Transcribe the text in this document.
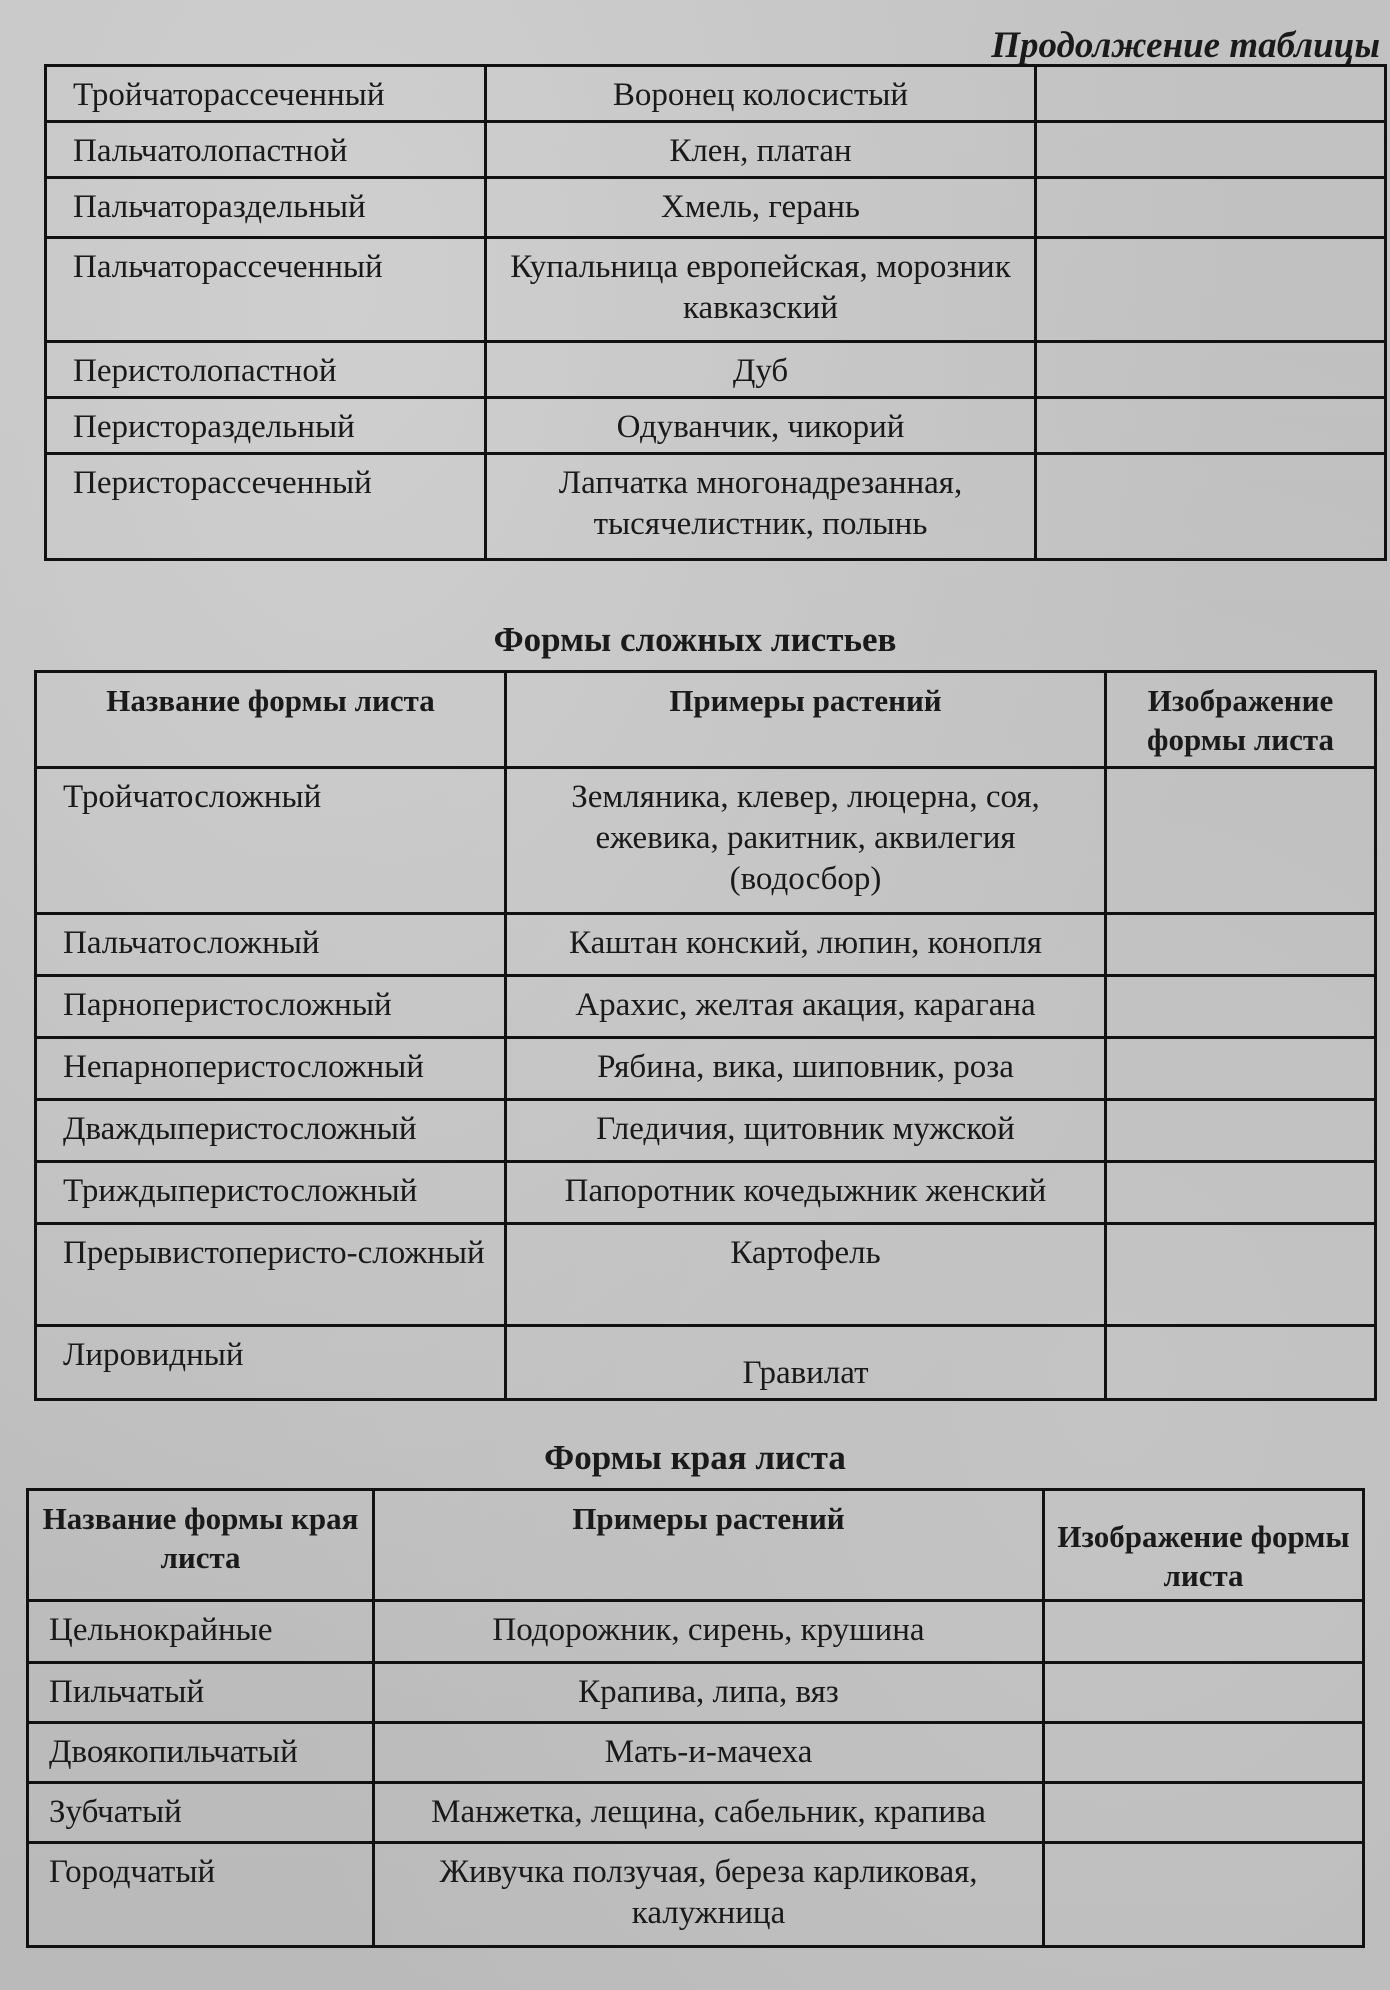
Продолжение таблицы
Тройчаторассеченный	Воронец колосистый	
Пальчатолопастной	Клен, платан	
Пальчатораздельный	Хмель, герань	
Пальчаторассеченный	Купальница европейская, морозник кавказский	
Перистолопастной	Дуб	
Перистораздельный	Одуванчик, чикорий	
Перисторассеченный	Лапчатка многонадрезанная, тысячелистник, полынь	
Формы сложных листьев
Название формы листа	Примеры растений	Изображение формы листа
Тройчатосложный	Земляника, клевер, люцерна, соя, ежевика, ракитник, аквилегия (водосбор)	
Пальчатосложный	Каштан конский, люпин, конопля	
Парноперистосложный	Арахис, желтая акация, карагана	
Непарноперистосложный	Рябина, вика, шиповник, роза	
Дваждыперистосложный	Гледичия, щитовник мужской	
Триждыперистосложный	Папоротник кочедыжник женский	
Прерывистоперисто-сложный	Картофель	
Лировидный	Гравилат	
Формы края листа
Название формы края листа	Примеры растений	Изображение формы листа
Цельнокрайные	Подорожник, сирень, крушина	
Пильчатый	Крапива, липа, вяз	
Двоякопильчатый	Мать-и-мачеха	
Зубчатый	Манжетка, лещина, сабельник, крапива	
Городчатый	Живучка ползучая, береза карликовая, калужница	
